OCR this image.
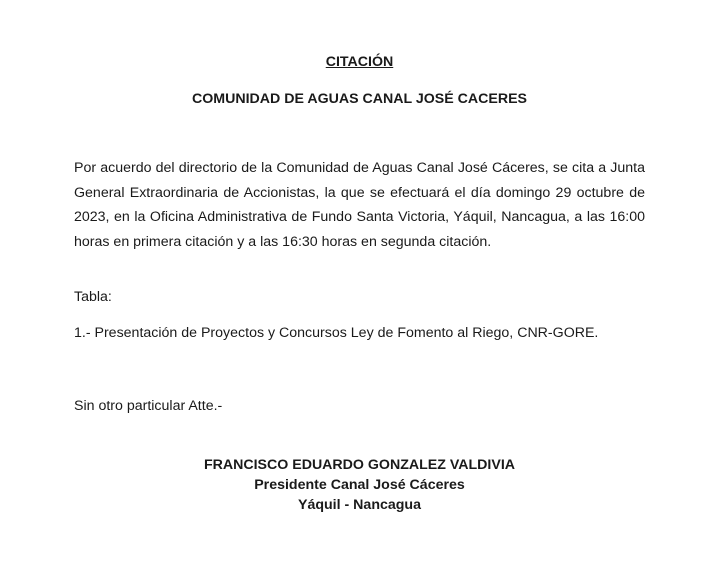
CITACIÓN

COMUNIDAD DE AGUAS CANAL JOSÉ CACERES

Por acuerdo del directorio de la Comunidad de Aguas Canal José Cáceres, se cita a Junta General Extraordinaria de Accionistas, la que se efectuará el día domingo 29 octubre de 2023, en la Oficina Administrativa de Fundo Santa Victoria, Yáquil, Nancagua, a las 16:00 horas en primera citación y a las 16:30 horas en segunda citación.

Tabla:

1.- Presentación de Proyectos y Concursos Ley de Fomento al Riego, CNR-GORE.

Sin otro particular Atte.-

FRANCISCO EDUARDO GONZALEZ VALDIVIA
Presidente Canal José Cáceres
Yáquil - Nancagua
